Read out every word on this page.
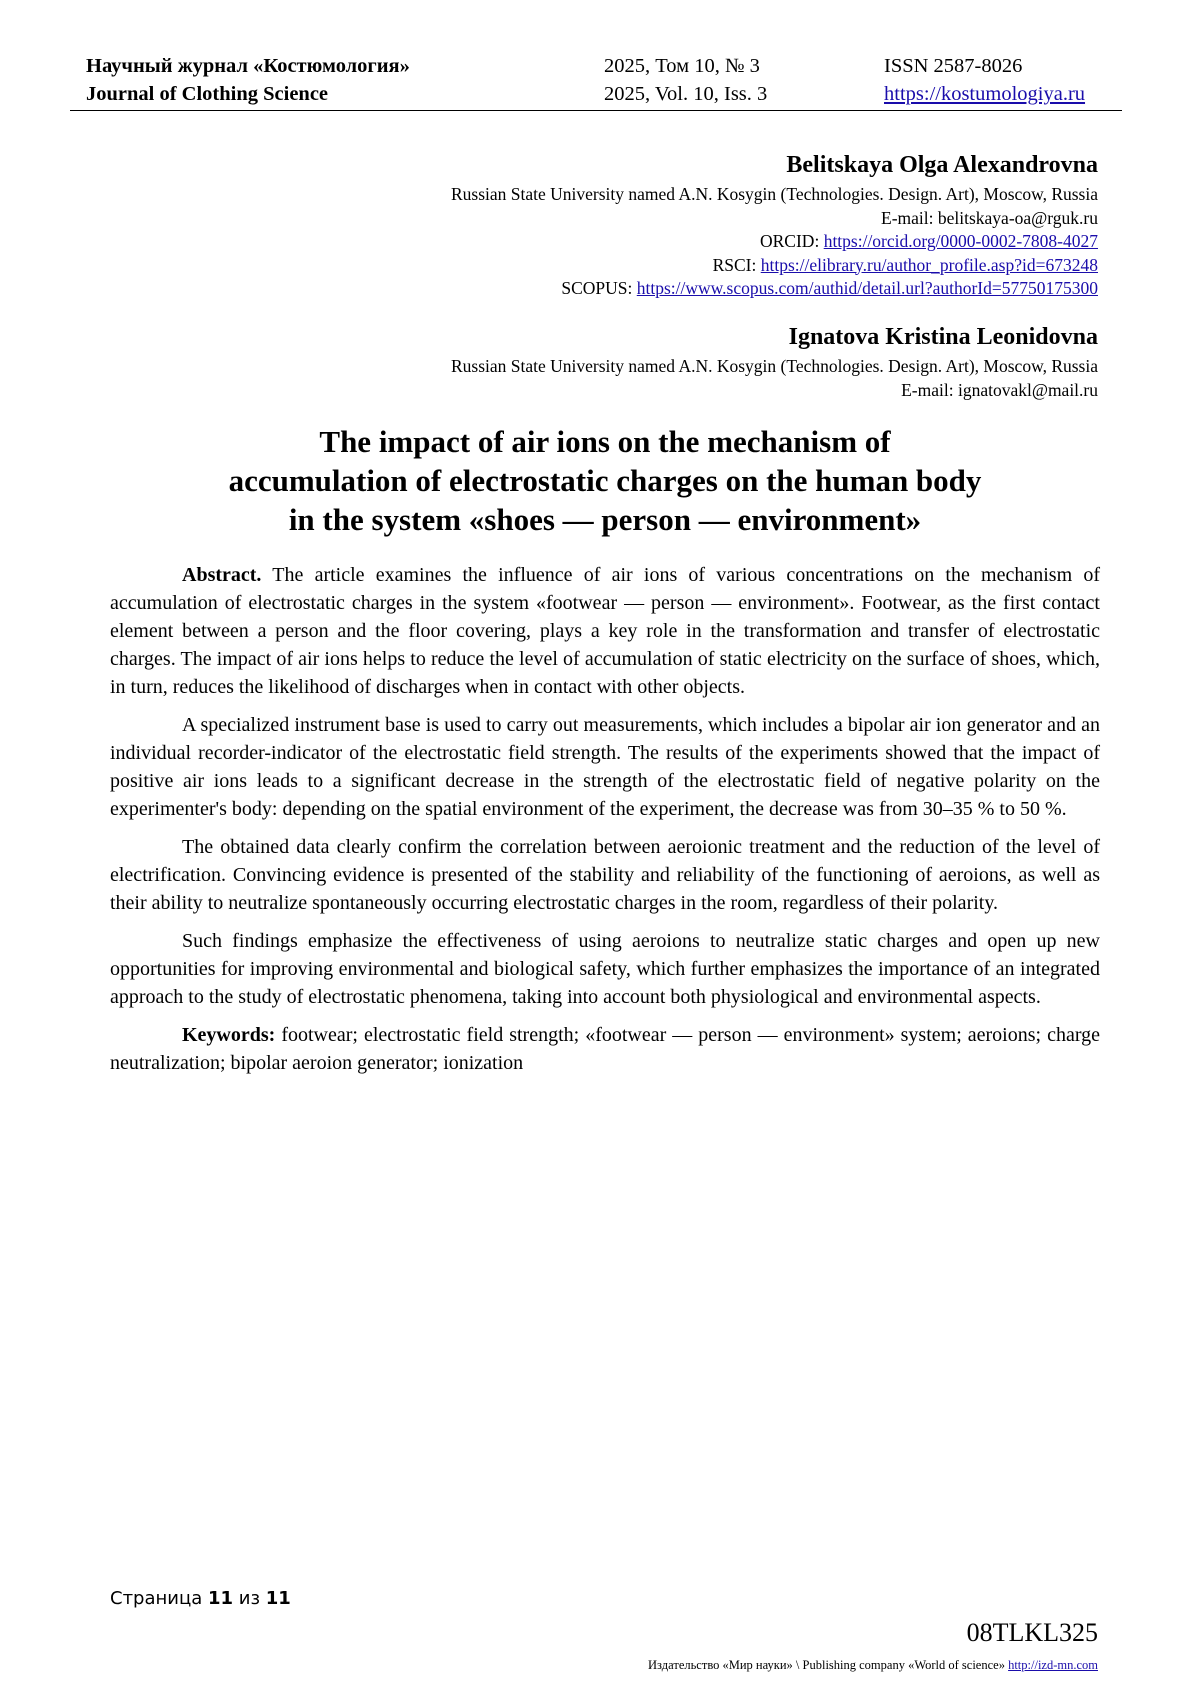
Научный журнал «Костюмология»
Journal of Clothing Science
2025, Том 10, № 3
2025, Vol. 10, Iss. 3
ISSN 2587-8026
https://kostumologiya.ru
Belitskaya Olga Alexandrovna
Russian State University named A.N. Kosygin (Technologies. Design. Art), Moscow, Russia
E-mail: belitskaya-oa@rguk.ru
ORCID: https://orcid.org/0000-0002-7808-4027
RSCI: https://elibrary.ru/author_profile.asp?id=673248
SCOPUS: https://www.scopus.com/authid/detail.url?authorId=57750175300
Ignatova Kristina Leonidovna
Russian State University named A.N. Kosygin (Technologies. Design. Art), Moscow, Russia
E-mail: ignatovakl@mail.ru
The impact of air ions on the mechanism of
accumulation of electrostatic charges on the human body
in the system «shoes — person — environment»

Abstract. The article examines the influence of air ions of various concentrations on the mechanism of accumulation of electrostatic charges in the system «footwear — person — environment». Footwear, as the first contact element between a person and the floor covering, plays a key role in the transformation and transfer of electrostatic charges. The impact of air ions helps to reduce the level of accumulation of static electricity on the surface of shoes, which, in turn, reduces the likelihood of discharges when in contact with other objects.

A specialized instrument base is used to carry out measurements, which includes a bipolar air ion generator and an individual recorder-indicator of the electrostatic field strength. The results of the experiments showed that the impact of positive air ions leads to a significant decrease in the strength of the electrostatic field of negative polarity on the experimenter's body: depending on the spatial environment of the experiment, the decrease was from 30–35 % to 50 %.

The obtained data clearly confirm the correlation between aeroionic treatment and the reduction of the level of electrification. Convincing evidence is presented of the stability and reliability of the functioning of aeroions, as well as their ability to neutralize spontaneously occurring electrostatic charges in the room, regardless of their polarity.

Such findings emphasize the effectiveness of using aeroions to neutralize static charges and open up new opportunities for improving environmental and biological safety, which further emphasizes the importance of an integrated approach to the study of electrostatic phenomena, taking into account both physiological and environmental aspects.

Keywords: footwear; electrostatic field strength; «footwear — person — environment» system; aeroions; charge neutralization; bipolar aeroion generator; ionization

Страница 11 из 11
08TLKL325
Издательство «Мир науки» \ Publishing company «World of science» http://izd-mn.com
